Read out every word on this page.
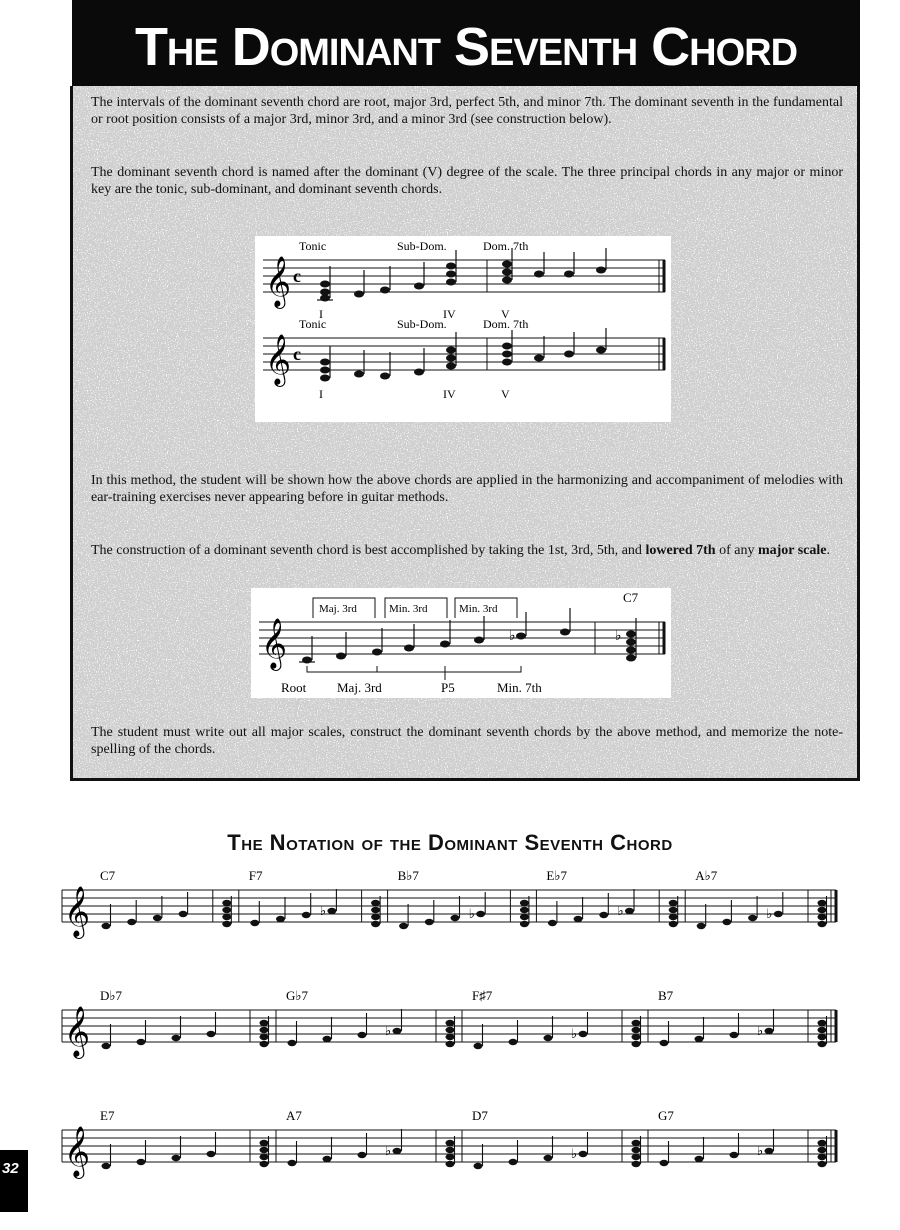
The Dominant Seventh Chord
The intervals of the dominant seventh chord are root, major 3rd, perfect 5th, and minor 7th. The dominant seventh in the fundamental or root position consists of a major 3rd, minor 3rd, and a minor 3rd (see construction below).
The dominant seventh chord is named after the dominant (V) degree of the scale. The three principal chords in any major or minor key are the tonic, sub-dominant, and dominant seventh chords.
Tonic	Sub-Dom.	Dom. 7th
𝄞 c
I	IV	V
Tonic	Sub-Dom.	Dom. 7th
𝄞 c
I	IV	V
In this method, the student will be shown how the above chords are applied in the harmonizing and accompaniment of melodies with ear-training exercises never appearing before in guitar methods.
The construction of a dominant seventh chord is best accomplished by taking the 1st, 3rd, 5th, and lowered 7th of any major scale.
Maj. 3rd	Min. 3rd	Min. 3rd
C7
𝄞	♭	♭
Root Maj. 3rd	P5	Min. 7th
The student must write out all major scales, construct the dominant seventh chords by the above method, and memorize the note-spelling of the chords.
The Notation of the Dominant Seventh Chord
𝄞
C7	F7
♭
B♭7
♭
E♭7
♭
A♭7
♭
𝄞
D♭7	G♭7
♭
F♯7
♭
B7
♭
𝄞
E7	A7
♭
D7
♭
G7
♭
32
